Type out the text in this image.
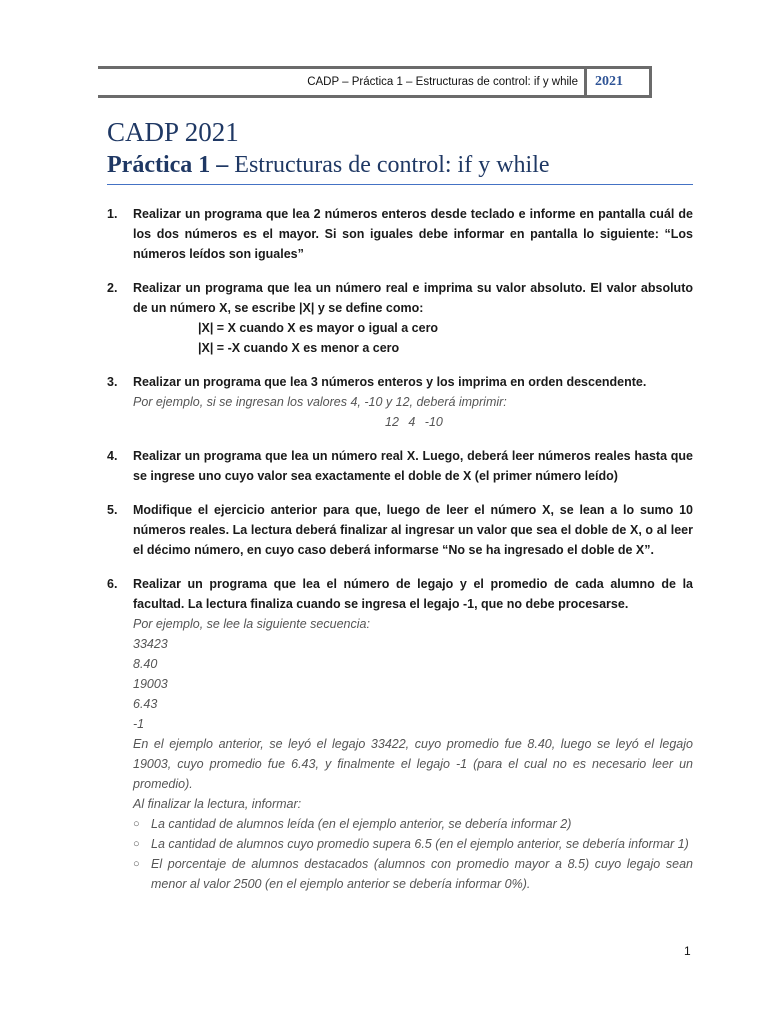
CADP – Práctica 1 – Estructuras de control: if y while	2021
CADP 2021
Práctica 1 – Estructuras de control: if y while
1. Realizar un programa que lea 2 números enteros desde teclado e informe en pantalla cuál de los dos números es el mayor. Si son iguales debe informar en pantalla lo siguiente: “Los números leídos son iguales”

2. Realizar un programa que lea un número real e imprima su valor absoluto. El valor absoluto de un número X, se escribe |X| y se define como:

|X| = X cuando X es mayor o igual a cero

|X| = -X cuando X es menor a cero

3. Realizar un programa que lea 3 números enteros y los imprima en orden descendente.

Por ejemplo, si se ingresan los valores 4, -10 y 12, deberá imprimir:

12 4 -10

4. Realizar un programa que lea un número real X. Luego, deberá leer números reales hasta que se ingrese uno cuyo valor sea exactamente el doble de X (el primer número leído)

5. Modifique el ejercicio anterior para que, luego de leer el número X, se lean a lo sumo 10 números reales. La lectura deberá finalizar al ingresar un valor que sea el doble de X, o al leer el décimo número, en cuyo caso deberá informarse “No se ha ingresado el doble de X”.

6. Realizar un programa que lea el número de legajo y el promedio de cada alumno de la facultad. La lectura finaliza cuando se ingresa el legajo -1, que no debe procesarse.

Por ejemplo, se lee la siguiente secuencia:

33423

8.40

19003

6.43

-1

En el ejemplo anterior, se leyó el legajo 33422, cuyo promedio fue 8.40, luego se leyó el legajo 19003, cuyo promedio fue 6.43, y finalmente el legajo -1 (para el cual no es necesario leer un promedio).

Al finalizar la lectura, informar:

○ La cantidad de alumnos leída (en el ejemplo anterior, se debería informar 2)
○ La cantidad de alumnos cuyo promedio supera 6.5 (en el ejemplo anterior, se debería informar 1)
○ El porcentaje de alumnos destacados (alumnos con promedio mayor a 8.5) cuyo legajo sean menor al valor 2500 (en el ejemplo anterior se debería informar 0%).
1
